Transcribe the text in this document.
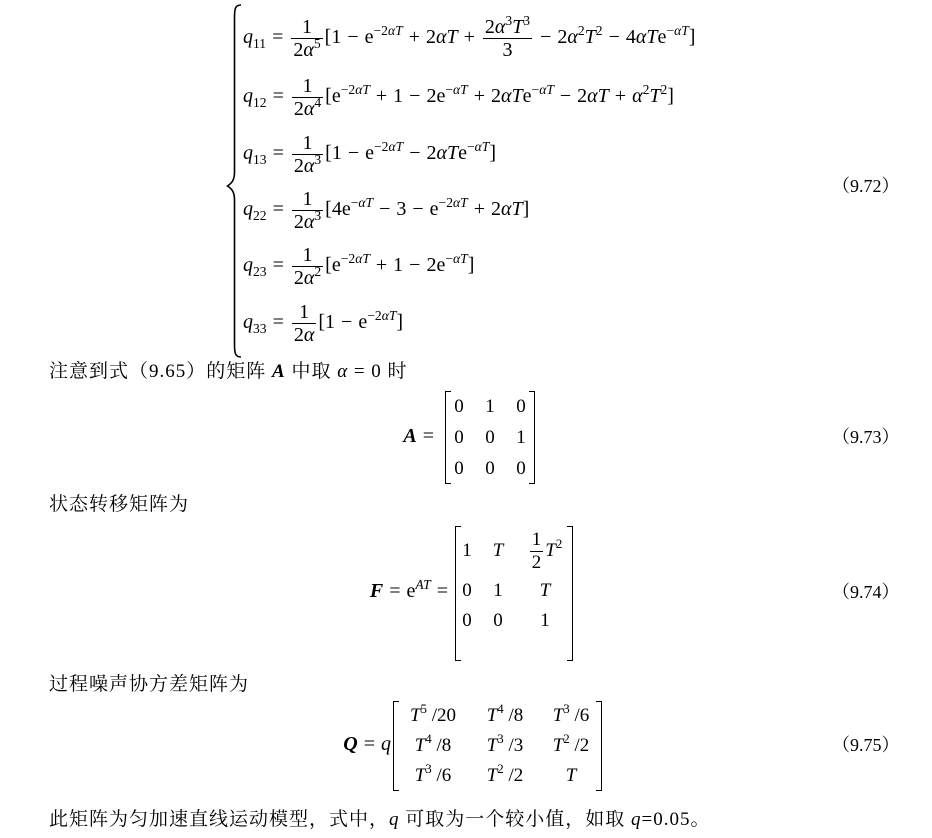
$q_{11} = \frac{1}{2\alpha^5} [1 - e^{-2\alpha T} + 2\alpha T + \frac{2\alpha^3T^3}{3} - 2\alpha^2T^2 - 4\alpha Te^{-\alpha T}]$
$q_{12} = \frac{1}{2\alpha^4} [e^{-2\alpha T} + 1 - 2e^{-\alpha T} + 2\alpha Te^{-\alpha T} - 2\alpha T + \alpha^2T^2]$
$q_{13} = \frac{1}{2\alpha^3} [1 - e^{-2\alpha T} - 2\alpha Te^{-\alpha T}]$
$q_{22} = \frac{1}{2\alpha^3} [4e^{-\alpha T} - 3 - e^{-2\alpha T} + 2\alpha T]$
$q_{23} = \frac{1}{2\alpha^2} [e^{-2\alpha T} + 1 - 2e^{-\alpha T}]$
$q_{33} = \frac{1}{2\alpha} [1 - e^{-2\alpha T}]$
（9.72）
注意到式（9.65）的矩阵 A 中取 α = 0 时
A =
0 1 0
0 0 1
0 0 0
（9.73）
状态转移矩阵为
$F = e^{AT}$ =
1 T $\frac{1}{2} T^2$
0 1 T
0 0 1
（9.74）
过程噪声协方差矩阵为
Q = q
$T^5$ /20 $T^4$ /8 $T^3$ /6
$T^4$ /8 $T^3$ /3 $T^2$ /2
$T^3$ /6 $T^2$ /2 T
（9.75）
此矩阵为匀加速直线运动模型，式中，q 可取为一个较小值，如取 q=0.05。
